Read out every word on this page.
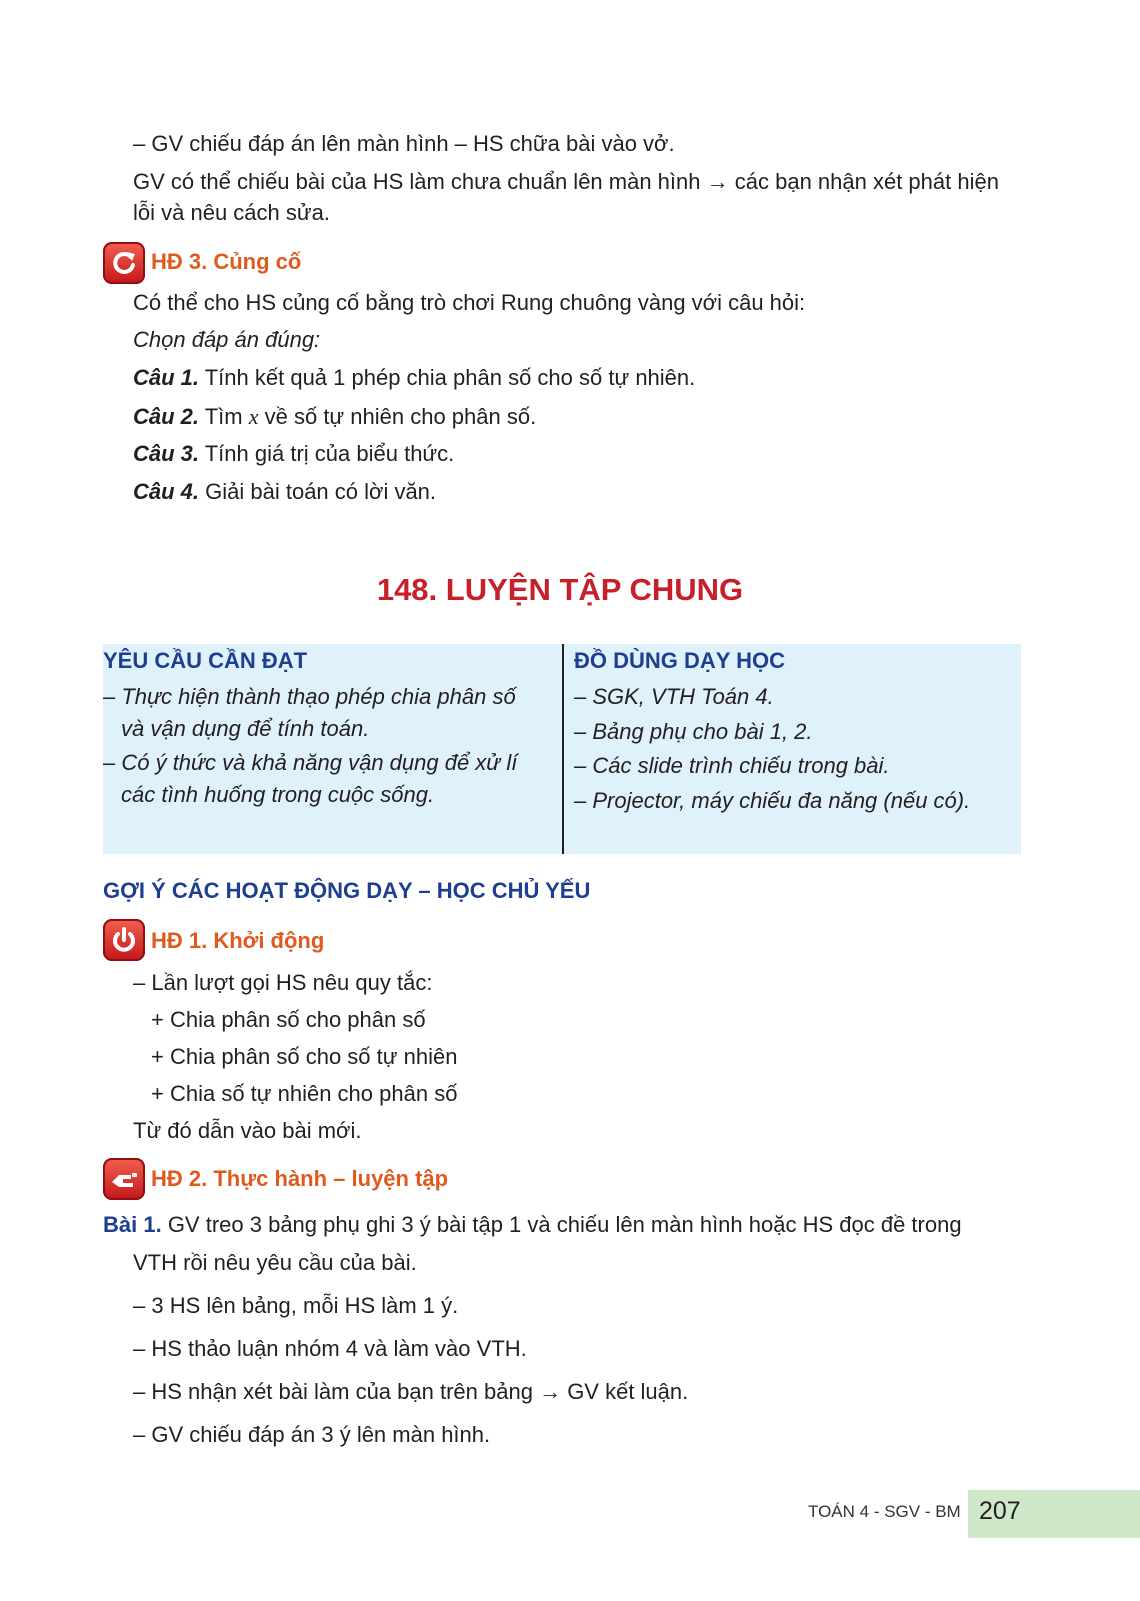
– GV chiếu đáp án lên màn hình – HS chữa bài vào vở.
GV có thể chiếu bài của HS làm chưa chuẩn lên màn hình → các bạn nhận xét phát hiện
lỗi và nêu cách sửa.
HĐ 3. Củng cố
Có thể cho HS củng cố bằng trò chơi Rung chuông vàng với câu hỏi:
Chọn đáp án đúng:
Câu 1. Tính kết quả 1 phép chia phân số cho số tự nhiên.
Câu 2. Tìm x về số tự nhiên cho phân số.
Câu 3. Tính giá trị của biểu thức.
Câu 4. Giải bài toán có lời văn.
148. LUYỆN TẬP CHUNG
YÊU CẦU CẦN ĐẠT
– Thực hiện thành thạo phép chia phân số
và vận dụng để tính toán.
– Có ý thức và khả năng vận dụng để xử lí
các tình huống trong cuộc sống.
ĐỒ DÙNG DẠY HỌC
– SGK, VTH Toán 4.
– Bảng phụ cho bài 1, 2.
– Các slide trình chiếu trong bài.
– Projector, máy chiếu đa năng (nếu có).
GỢI Ý CÁC HOẠT ĐỘNG DẠY – HỌC CHỦ YẾU
HĐ 1. Khởi động
– Lần lượt gọi HS nêu quy tắc:
+ Chia phân số cho phân số
+ Chia phân số cho số tự nhiên
+ Chia số tự nhiên cho phân số
Từ đó dẫn vào bài mới.
HĐ 2. Thực hành – luyện tập
Bài 1. GV treo 3 bảng phụ ghi 3 ý bài tập 1 và chiếu lên màn hình hoặc HS đọc đề trong
VTH rồi nêu yêu cầu của bài.
– 3 HS lên bảng, mỗi HS làm 1 ý.
– HS thảo luận nhóm 4 và làm vào VTH.
– HS nhận xét bài làm của bạn trên bảng → GV kết luận.
– GV chiếu đáp án 3 ý lên màn hình.
TOÁN 4 - SGV - BM 207
